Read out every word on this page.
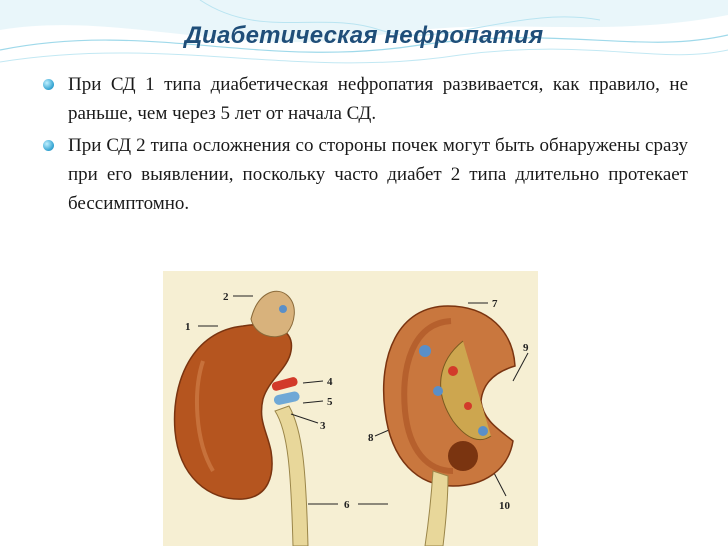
Диабетическая нефропатия
При СД 1 типа диабетическая нефропатия развивается, как правило, не раньше, чем через 5 лет от начала СД.
При СД 2 типа осложнения со стороны почек могут быть обнаружены сразу при его выявлении, поскольку часто диабет 2 типа длительно протекает бессимптомно.
1
2
3
4
5
6
7
8
9
10
